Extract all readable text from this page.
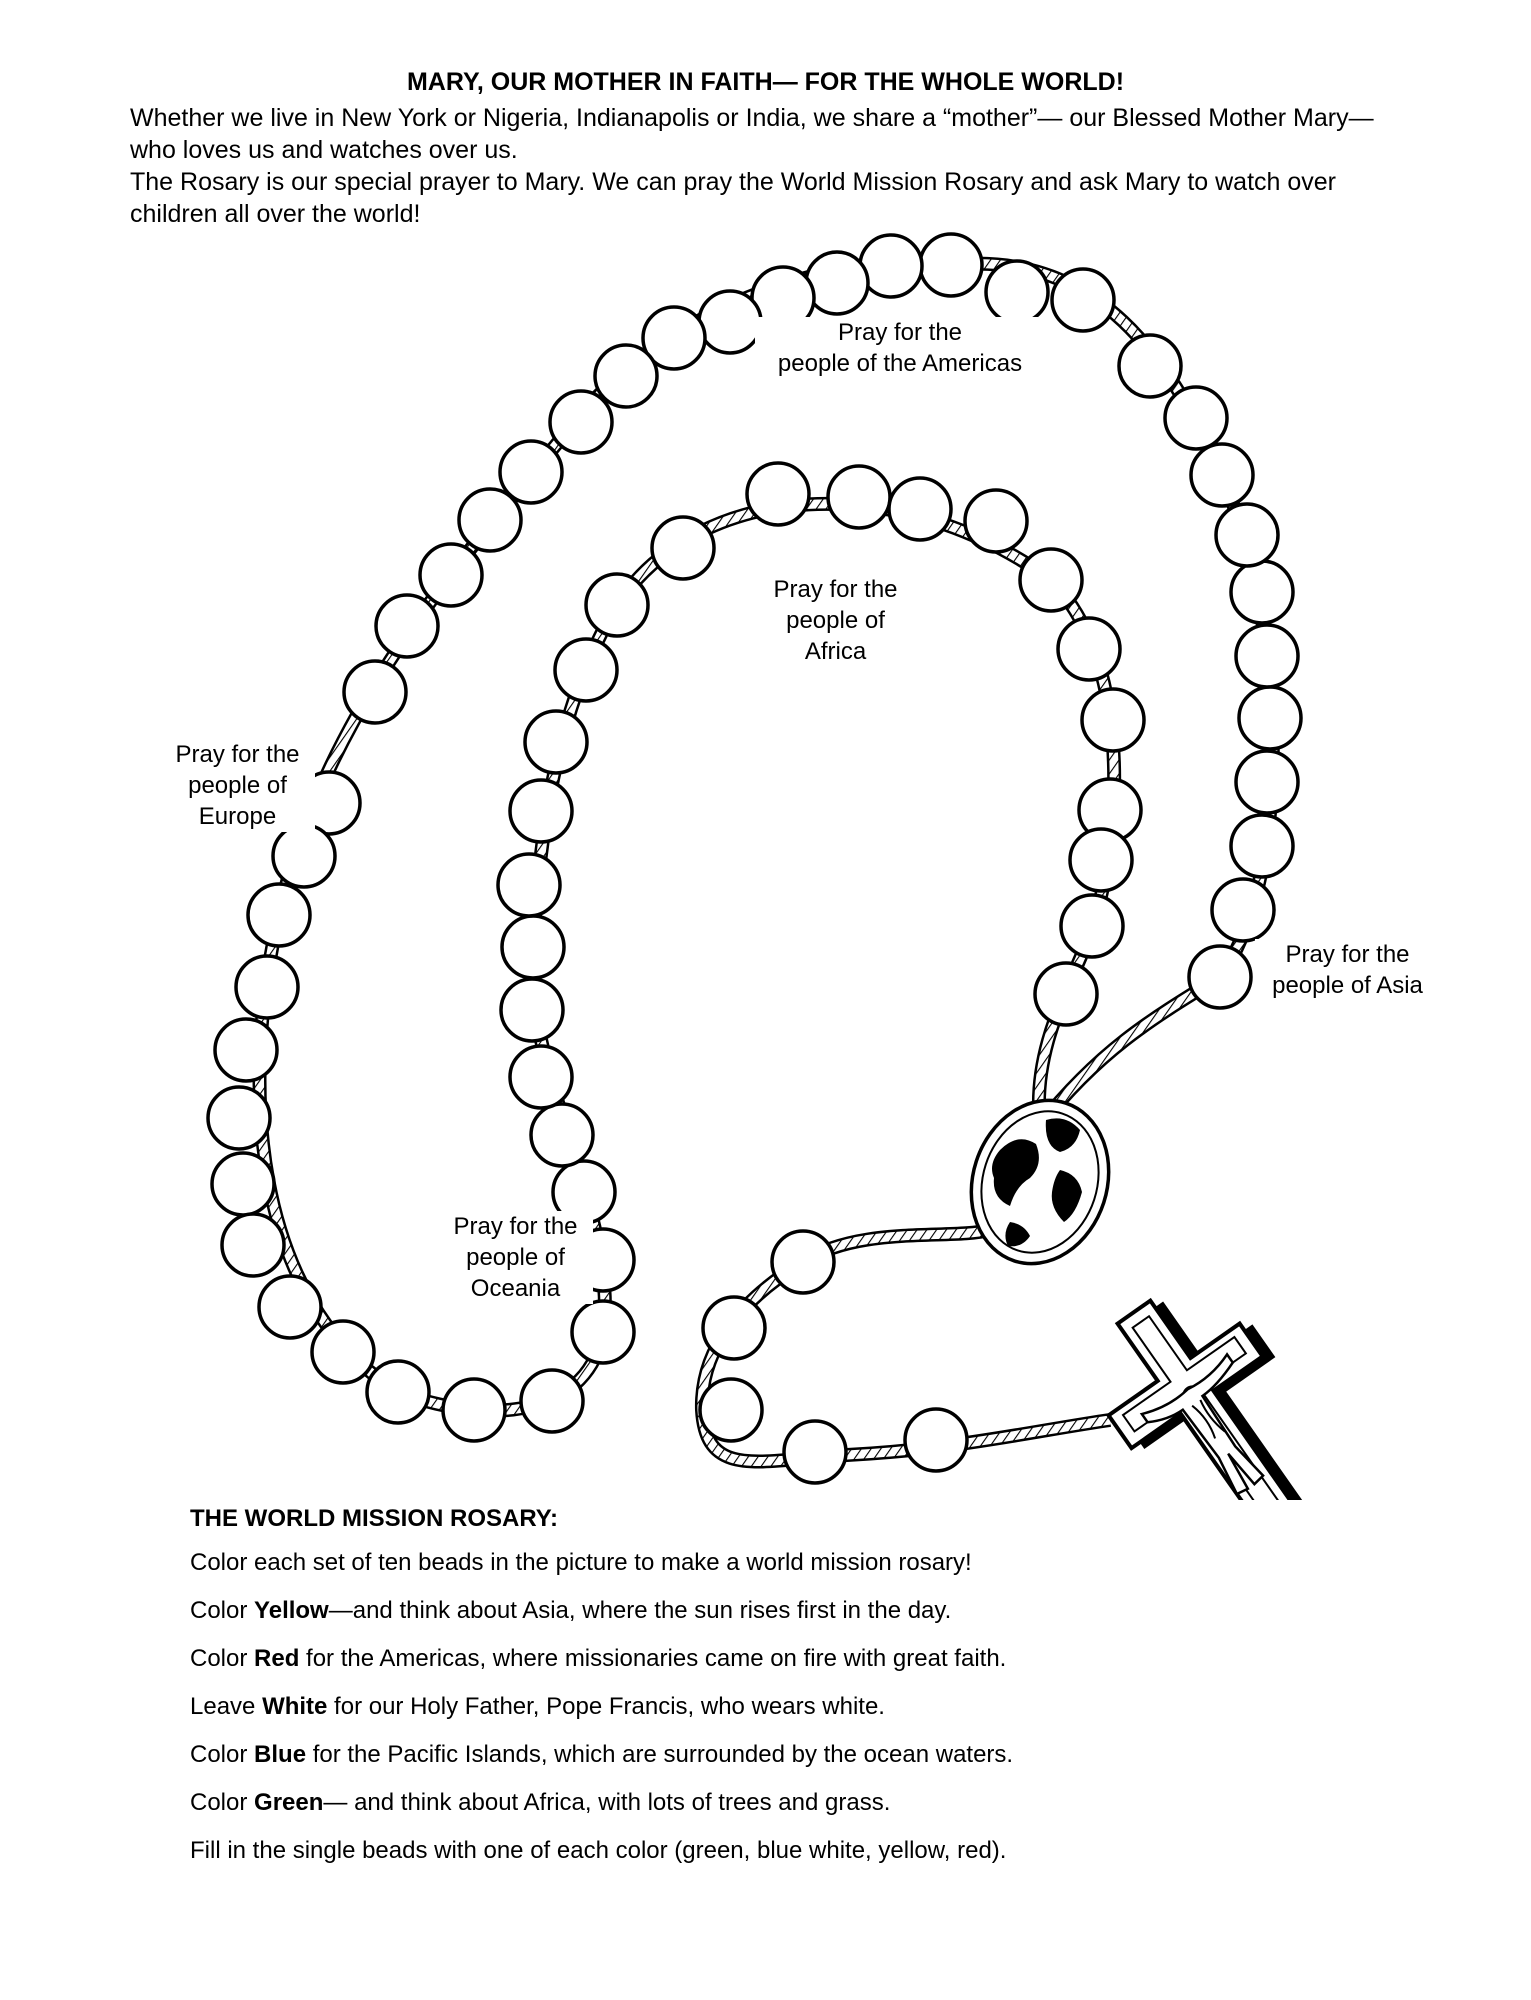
MARY, OUR MOTHER IN FAITH— FOR THE WHOLE WORLD!

Whether we live in New York or Nigeria, Indianapolis or India, we share a “mother”— our Blessed Mother Mary— who loves us and watches over us.

The Rosary is our special prayer to Mary. We can pray the World Mission Rosary and ask Mary to watch over children all over the world!

Pray for the
people of the Americas
Pray for the
people of
Africa
Pray for the
people of
Europe
Pray for the
people of Asia
Pray for the
people of
Oceania
THE WORLD MISSION ROSARY:
Color each set of ten beads in the picture to make a world mission rosary!
Color Yellow—and think about Asia, where the sun rises first in the day.
Color Red for the Americas, where missionaries came on fire with great faith.
Leave White for our Holy Father, Pope Francis, who wears white.
Color Blue for the Pacific Islands, which are surrounded by the ocean waters.
Color Green— and think about Africa, with lots of trees and grass.
Fill in the single beads with one of each color (green, blue white, yellow, red).
